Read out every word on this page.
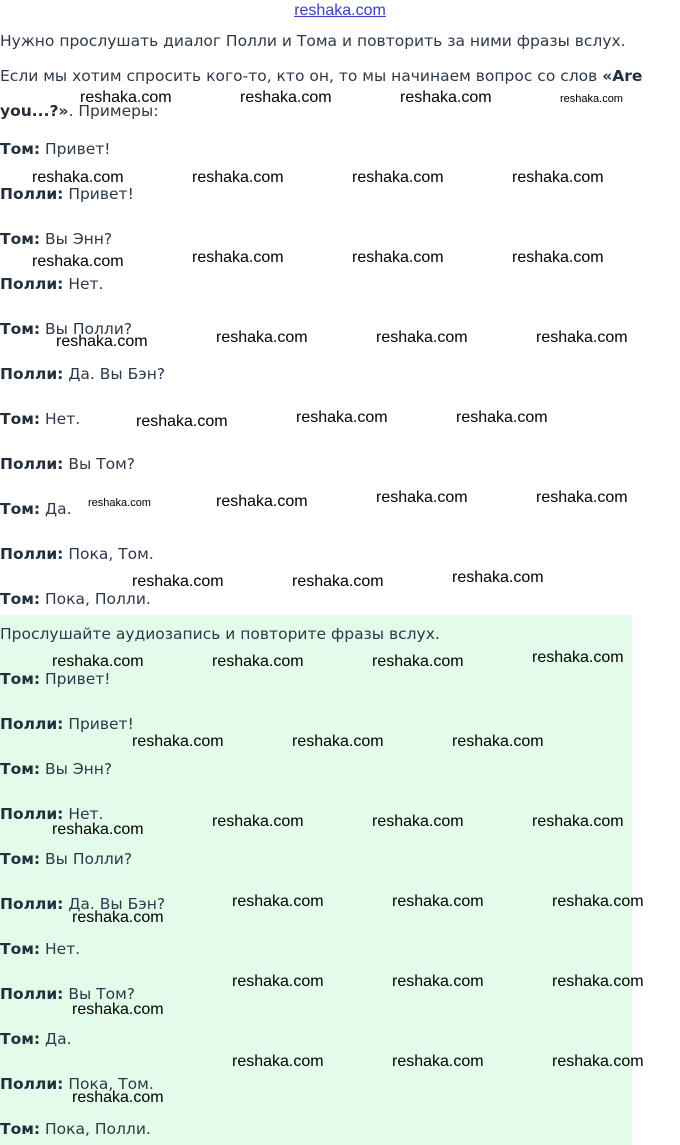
reshaka.com
Нужно прослушать диалог Полли и Тома и повторить за ними фразы вслух.
Если мы хотим спросить кого-то, кто он, то мы начинаем вопрос со слов «Are you...?». Примеры:
Том: Привет!
Полли: Привет!
Том: Вы Энн?
Полли: Нет.
Том: Вы Полли?
Полли: Да. Вы Бэн?
Том: Нет.
Полли: Вы Том?
Том: Да.
Полли: Пока, Том.
Том: Пока, Полли.
Прослушайте аудиозапись и повторите фразы вслух.
Том: Привет!
Полли: Привет!
Том: Вы Энн?
Полли: Нет.
Том: Вы Полли?
Полли: Да. Вы Бэн?
Том: Нет.
Полли: Вы Том?
Том: Да.
Полли: Пока, Том.
Том: Пока, Полли.
reshaka.com	reshaka.com	reshaka.com	reshaka.com
reshaka.com	reshaka.com	reshaka.com	reshaka.com
reshaka.com	reshaka.com	reshaka.com	reshaka.com
reshaka.com	reshaka.com	reshaka.com	reshaka.com
reshaka.com	reshaka.com	reshaka.com
reshaka.com	reshaka.com	reshaka.com	reshaka.com
reshaka.com	reshaka.com	reshaka.com
reshaka.com	reshaka.com	reshaka.com	reshaka.com
reshaka.com	reshaka.com	reshaka.com
reshaka.com	reshaka.com	reshaka.com	reshaka.com
reshaka.com
reshaka.com	reshaka.com	reshaka.com
reshaka.com
reshaka.com	reshaka.com	reshaka.com
reshaka.com
reshaka.com	reshaka.com	reshaka.com
